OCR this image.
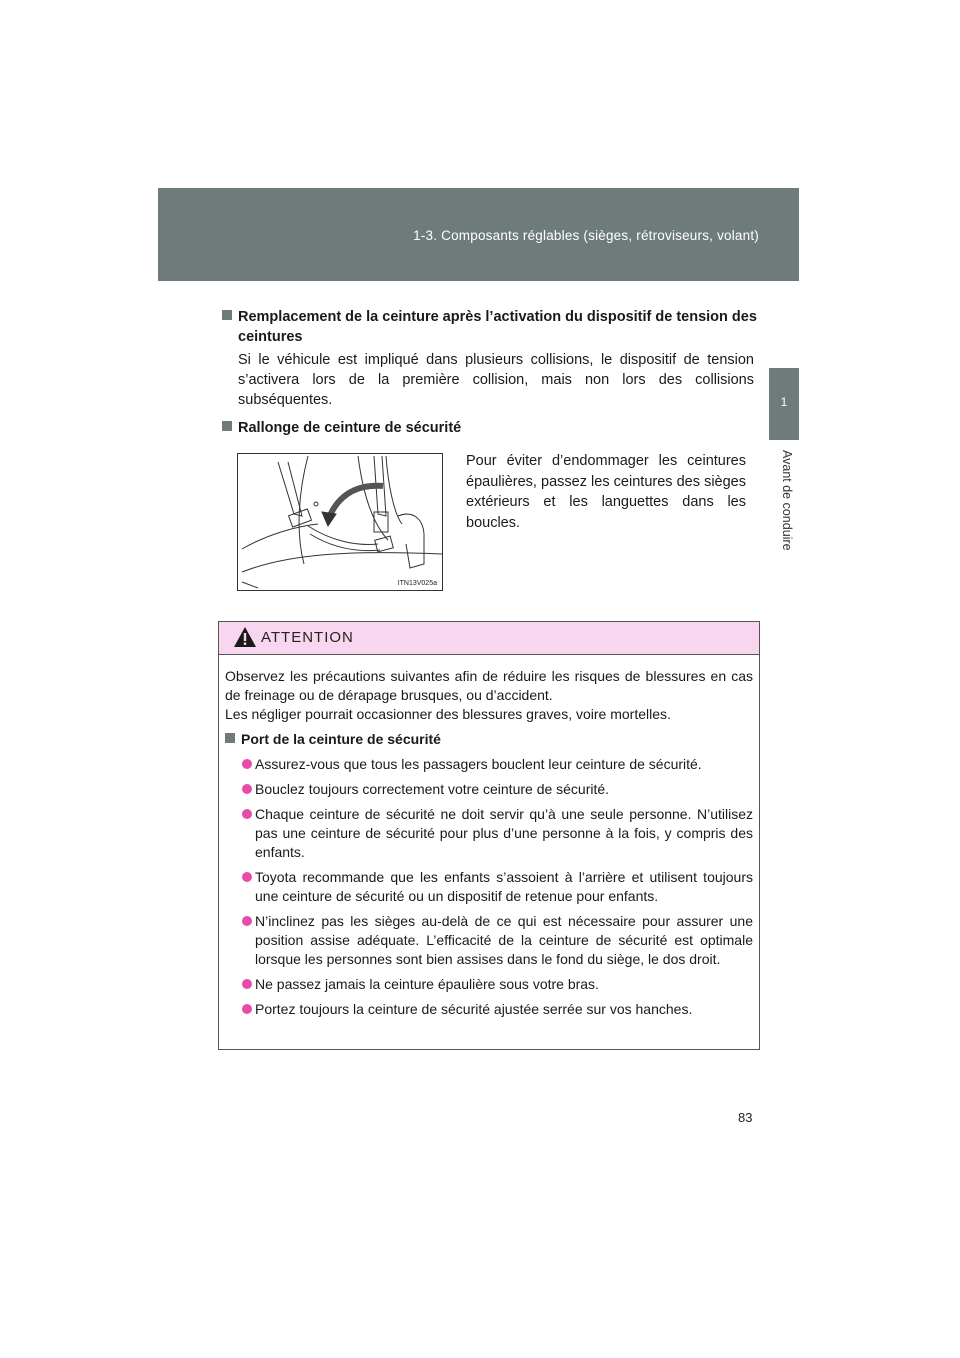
1-3. Composants réglables (sièges, rétroviseurs, volant)
1
Avant de conduire
Remplacement de la ceinture après l’activation du dispositif de tension des ceintures
Si le véhicule est impliqué dans plusieurs collisions, le dispositif de tension s’activera lors de la première collision, mais non lors des collisions subséquentes.
Rallonge de ceinture de sécurité
ITN13V025a
Pour éviter d’endommager les ceintures épaulières, passez les ceintures des sièges extérieurs et les languettes dans les boucles.
ATTENTION
Observez les précautions suivantes afin de réduire les risques de blessures en cas de freinage ou de dérapage brusques, ou d’accident.
Les négliger pourrait occasionner des blessures graves, voire mortelles.
Port de la ceinture de sécurité
Assurez-vous que tous les passagers bouclent leur ceinture de sécurité.
Bouclez toujours correctement votre ceinture de sécurité.
Chaque ceinture de sécurité ne doit servir qu’à une seule personne. N’utilisez pas une ceinture de sécurité pour plus d’une personne à la fois, y compris des enfants.
Toyota recommande que les enfants s’assoient à l’arrière et utilisent toujours une ceinture de sécurité ou un dispositif de retenue pour enfants.
N’inclinez pas les sièges au-delà de ce qui est nécessaire pour assurer une position assise adéquate. L’efficacité de la ceinture de sécurité est optimale lorsque les personnes sont bien assises dans le fond du siège, le dos droit.
Ne passez jamais la ceinture épaulière sous votre bras.
Portez toujours la ceinture de sécurité ajustée serrée sur vos hanches.
83
